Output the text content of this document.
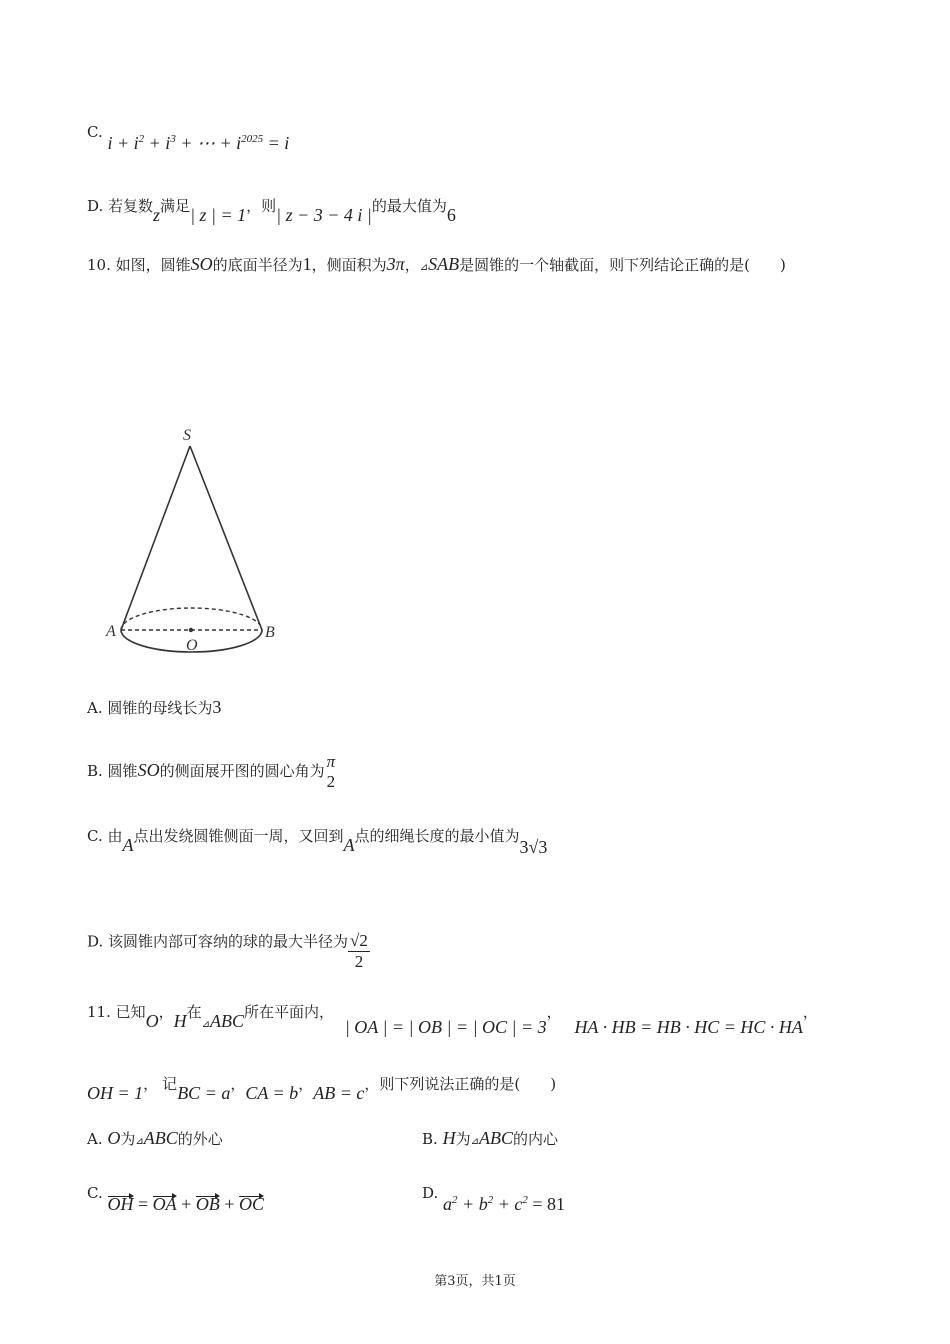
C. $i + i^2 + i^3$ + ⋯ + $i^{2025} = i$
D. 若复数z满足| z | = 1，则| z − 3 − 4 i |的最大值为6
10. 如图，圆锥SO的底面半径为1，侧面积为3π，⊿SAB是圆锥的一个轴截面，则下列结论正确的是(　　)
S
A	B
O
A. 圆锥的母线长为3
B. 圆锥SO的侧面展开图的圆心角为 π
2
C. 由A点出发绕圆锥侧面一周，又回到A点的细绳长度的最小值为3√3
D. 该圆锥内部可容纳的球的最大半径为 $\frac{√2}{2}$
11. 已知O，H在$_⊿$ABC所在平面内， | OA | = | OB | = | OC | = 3， HA · HB = HB · HC = HC · HA，
OH = 1， 记BC = a，CA = b，AB = c，则下列说法正确的是(　　)
A. O为⊿ABC的外心	B. H为⊿ABC的内心
C. OH = OA + OB + OC
D. $a^2 + b^2 + c^2 = 81$
第3页，共1页
